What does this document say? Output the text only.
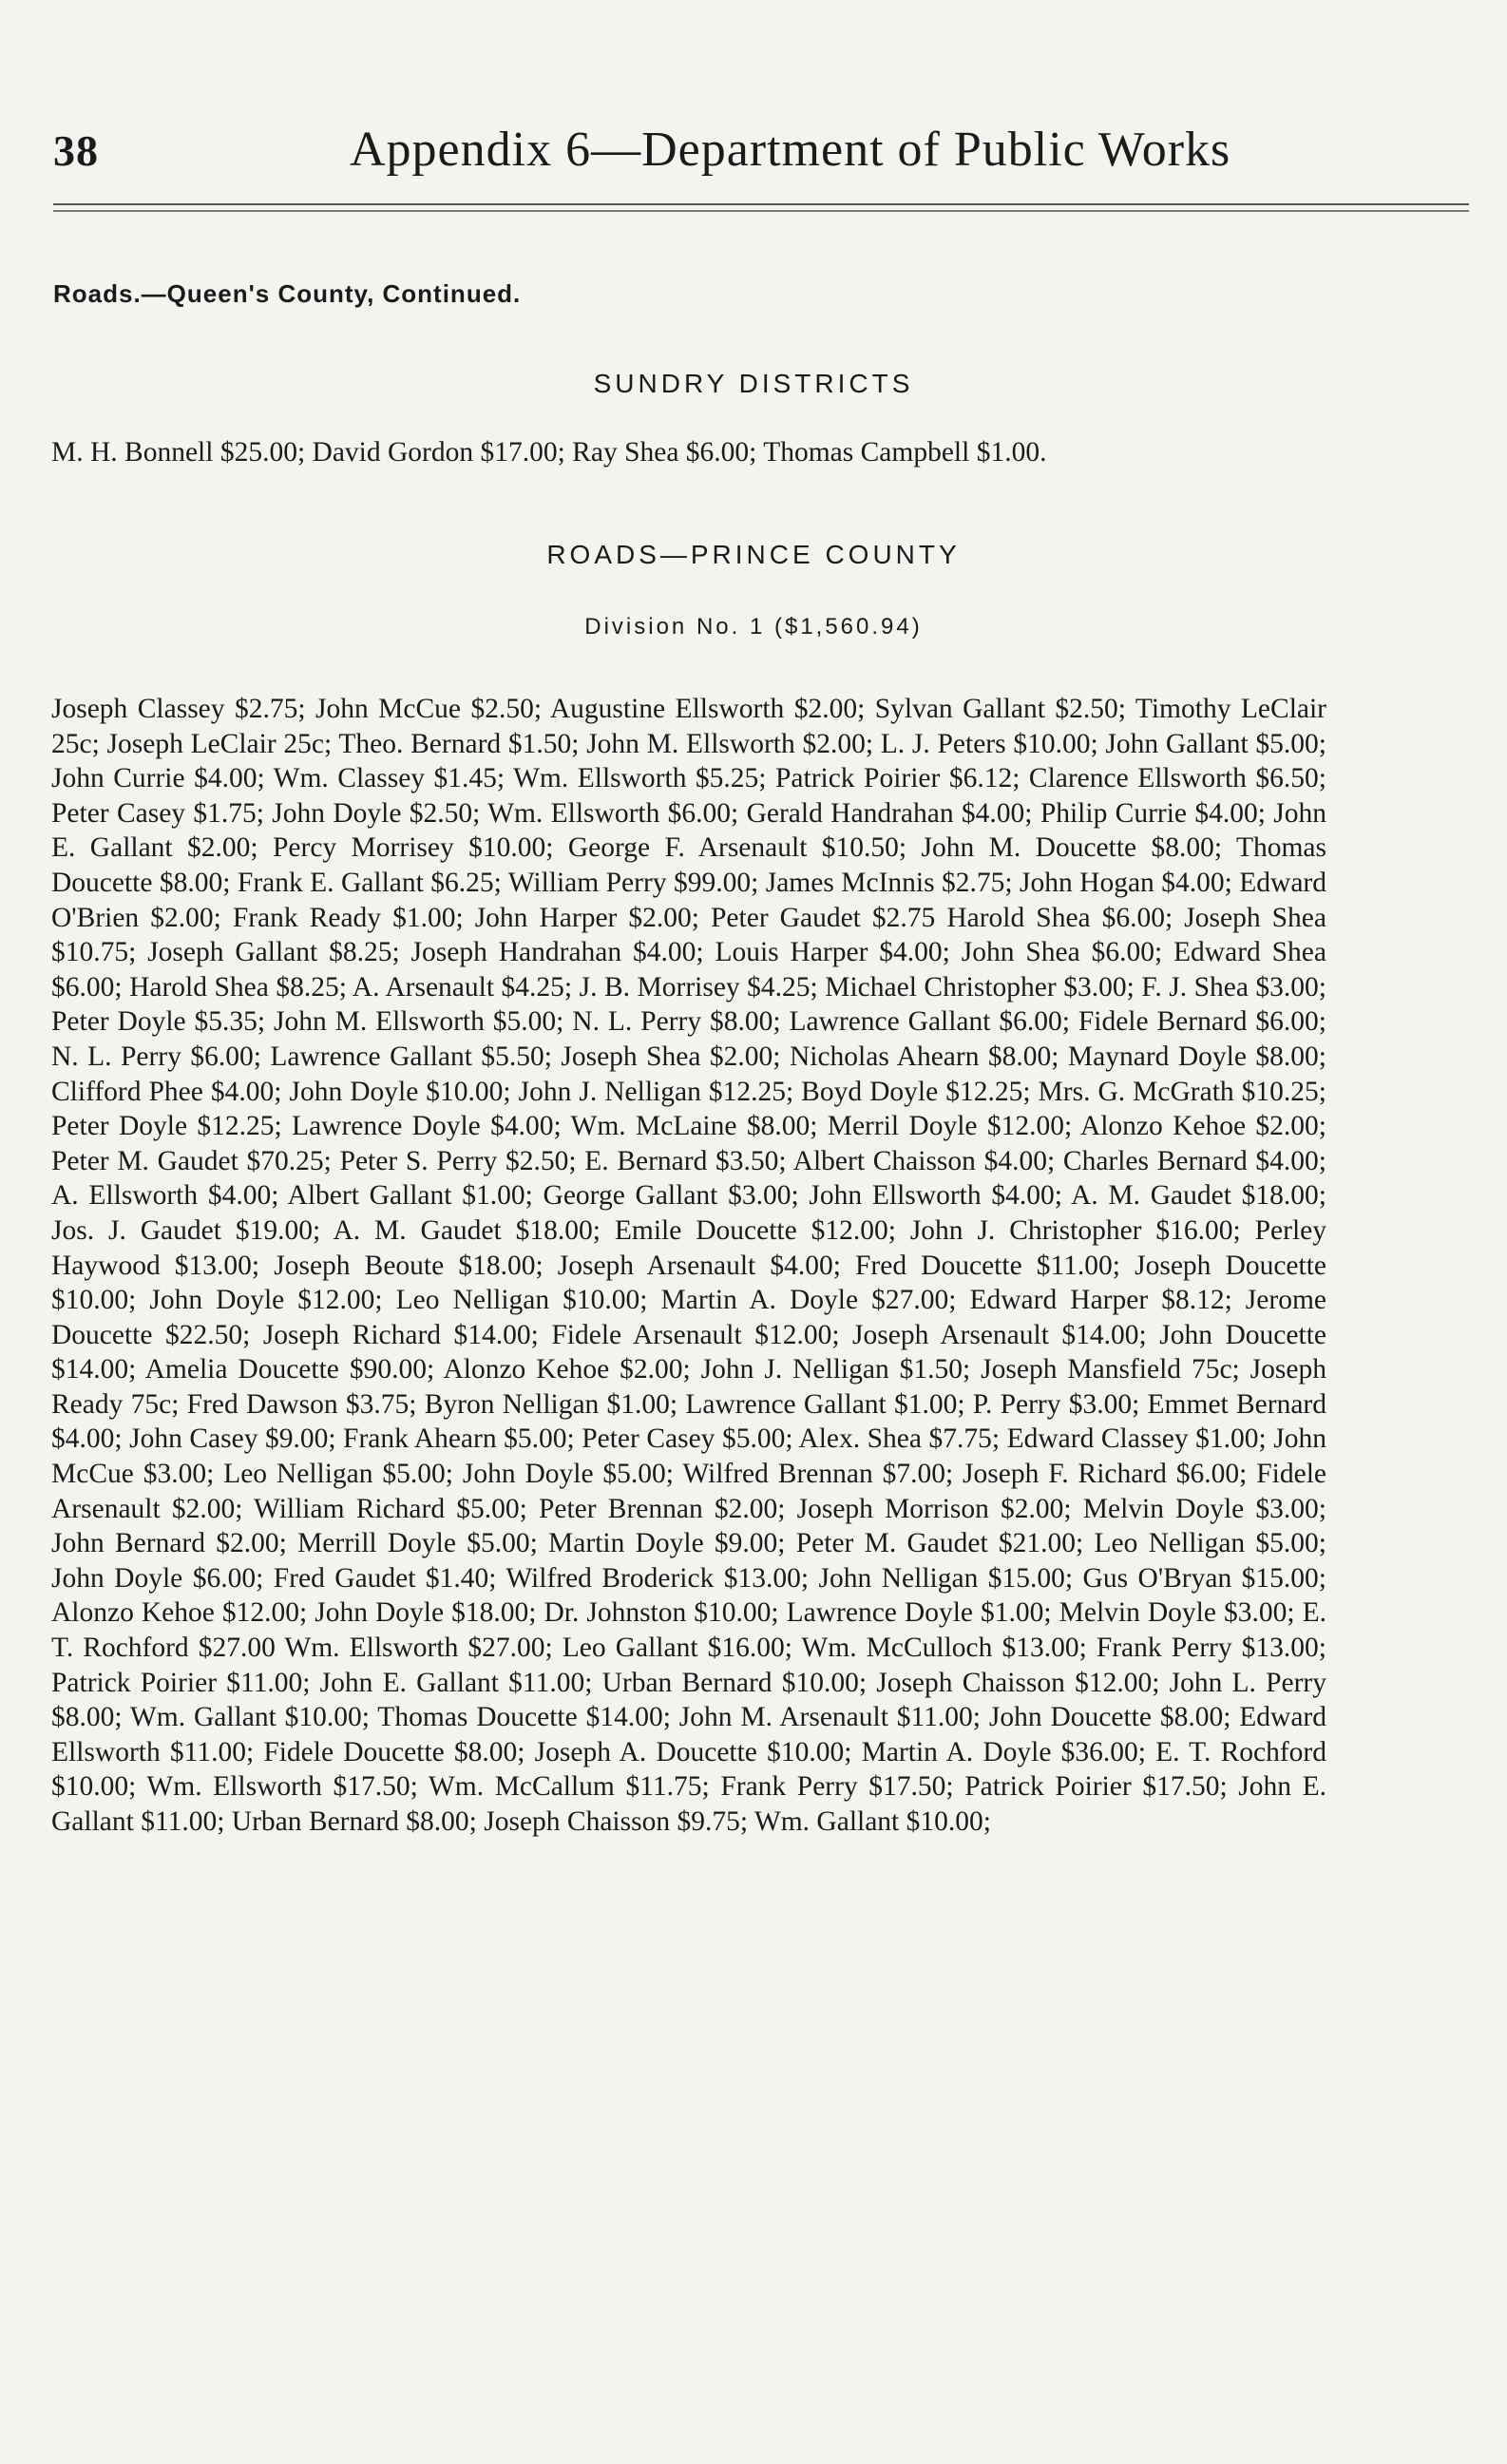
38	Appendix 6—Department of Public Works
Roads.—Queen's County, Continued.
SUNDRY DISTRICTS

M. H. Bonnell $25.00; David Gordon $17.00; Ray Shea $6.00; Thomas Campbell $1.00.

ROADS—PRINCE COUNTY
Division No. 1 ($1,560.94)

Joseph Classey $2.75; John McCue $2.50; Augustine Ellsworth $2.00; Sylvan Gallant $2.50; Timothy LeClair 25c; Joseph LeClair 25c; Theo. Bernard $1.50; John M. Ellsworth $2.00; L. J. Peters $10.00; John Gallant $5.00; John Currie $4.00; Wm. Classey $1.45; Wm. Ellsworth $5.25; Patrick Poirier $6.12; Clarence Ellsworth $6.50; Peter Casey $1.75; John Doyle $2.50; Wm. Ellsworth $6.00; Gerald Handrahan $4.00; Philip Currie $4.00; John E. Gallant $2.00; Percy Morrisey $10.00; George F. Arsenault $10.50; John M. Doucette $8.00; Thomas Doucette $8.00; Frank E. Gallant $6.25; William Perry $99.00; James McInnis $2.75; John Hogan $4.00; Edward O'Brien $2.00; Frank Ready $1.00; John Harper $2.00; Peter Gaudet $2.75 Harold Shea $6.00; Joseph Shea $10.75; Joseph Gallant $8.25; Joseph Handrahan $4.00; Louis Harper $4.00; John Shea $6.00; Edward Shea $6.00; Harold Shea $8.25; A. Arsenault $4.25; J. B. Morrisey $4.25; Michael Christopher $3.00; F. J. Shea $3.00; Peter Doyle $5.35; John M. Ellsworth $5.00; N. L. Perry $8.00; Lawrence Gallant $6.00; Fidele Bernard $6.00; N. L. Perry $6.00; Lawrence Gallant $5.50; Joseph Shea $2.00; Nicholas Ahearn $8.00; Maynard Doyle $8.00; Clifford Phee $4.00; John Doyle $10.00; John J. Nelligan $12.25; Boyd Doyle $12.25; Mrs. G. McGrath $10.25; Peter Doyle $12.25; Lawrence Doyle $4.00; Wm. McLaine $8.00; Merril Doyle $12.00; Alonzo Kehoe $2.00; Peter M. Gaudet $70.25; Peter S. Perry $2.50; E. Bernard $3.50; Albert Chaisson $4.00; Charles Bernard $4.00; A. Ellsworth $4.00; Albert Gallant $1.00; George Gallant $3.00; John Ellsworth $4.00; A. M. Gaudet $18.00; Jos. J. Gaudet $19.00; A. M. Gaudet $18.00; Emile Doucette $12.00; John J. Christopher $16.00; Perley Haywood $13.00; Joseph Beoute $18.00; Joseph Arsenault $4.00; Fred Doucette $11.00; Joseph Doucette $10.00; John Doyle $12.00; Leo Nelligan $10.00; Martin A. Doyle $27.00; Edward Harper $8.12; Jerome Doucette $22.50; Joseph Richard $14.00; Fidele Arsenault $12.00; Joseph Arsenault $14.00; John Doucette $14.00; Amelia Doucette $90.00; Alonzo Kehoe $2.00; John J. Nelligan $1.50; Joseph Mansfield 75c; Joseph Ready 75c; Fred Dawson $3.75; Byron Nelligan $1.00; Lawrence Gallant $1.00; P. Perry $3.00; Emmet Bernard $4.00; John Casey $9.00; Frank Ahearn $5.00; Peter Casey $5.00; Alex. Shea $7.75; Edward Classey $1.00; John McCue $3.00; Leo Nelligan $5.00; John Doyle $5.00; Wilfred Brennan $7.00; Joseph F. Richard $6.00; Fidele Arsenault $2.00; William Richard $5.00; Peter Brennan $2.00; Joseph Morrison $2.00; Melvin Doyle $3.00; John Bernard $2.00; Merrill Doyle $5.00; Martin Doyle $9.00; Peter M. Gaudet $21.00; Leo Nelligan $5.00; John Doyle $6.00; Fred Gaudet $1.40; Wilfred Broderick $13.00; John Nelligan $15.00; Gus O'Bryan $15.00; Alonzo Kehoe $12.00; John Doyle $18.00; Dr. Johnston $10.00; Lawrence Doyle $1.00; Melvin Doyle $3.00; E. T. Rochford $27.00 Wm. Ellsworth $27.00; Leo Gallant $16.00; Wm. McCulloch $13.00; Frank Perry $13.00; Patrick Poirier $11.00; John E. Gallant $11.00; Urban Bernard $10.00; Joseph Chaisson $12.00; John L. Perry $8.00; Wm. Gallant $10.00; Thomas Doucette $14.00; John M. Arsenault $11.00; John Doucette $8.00; Edward Ellsworth $11.00; Fidele Doucette $8.00; Joseph A. Doucette $10.00; Martin A. Doyle $36.00; E. T. Rochford $10.00; Wm. Ellsworth $17.50; Wm. McCallum $11.75; Frank Perry $17.50; Patrick Poirier $17.50; John E. Gallant $11.00; Urban Bernard $8.00; Joseph Chaisson $9.75; Wm. Gallant $10.00;
